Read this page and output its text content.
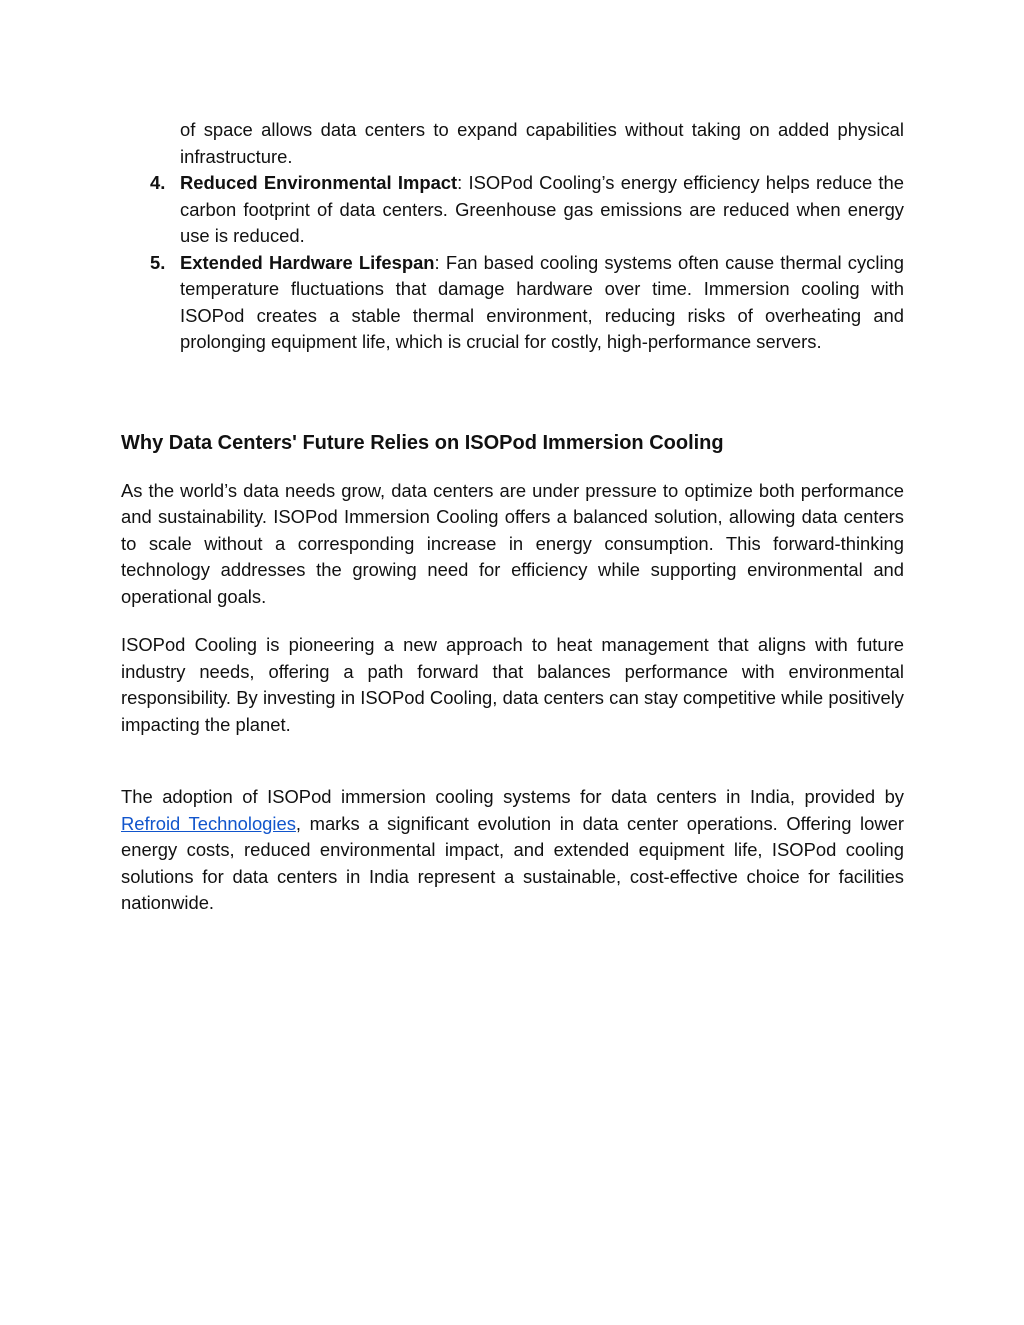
of space allows data centers to expand capabilities without taking on added physical infrastructure.

4. Reduced Environmental Impact: ISOPod Cooling’s energy efficiency helps reduce the carbon footprint of data centers. Greenhouse gas emissions are reduced when energy use is reduced.
5. Extended Hardware Lifespan: Fan based cooling systems often cause thermal cycling temperature fluctuations that damage hardware over time. Immersion cooling with ISOPod creates a stable thermal environment, reducing risks of overheating and prolonging equipment life, which is crucial for costly, high-performance servers.
Why Data Centers' Future Relies on ISOPod Immersion Cooling

As the world’s data needs grow, data centers are under pressure to optimize both performance and sustainability. ISOPod Immersion Cooling offers a balanced solution, allowing data centers to scale without a corresponding increase in energy consumption. This forward-thinking technology addresses the growing need for efficiency while supporting environmental and operational goals.

ISOPod Cooling is pioneering a new approach to heat management that aligns with future industry needs, offering a path forward that balances performance with environmental responsibility. By investing in ISOPod Cooling, data centers can stay competitive while positively impacting the planet.

The adoption of ISOPod immersion cooling systems for data centers in India, provided by Refroid Technologies, marks a significant evolution in data center operations. Offering lower energy costs, reduced environmental impact, and extended equipment life, ISOPod cooling solutions for data centers in India represent a sustainable, cost-effective choice for facilities nationwide.
